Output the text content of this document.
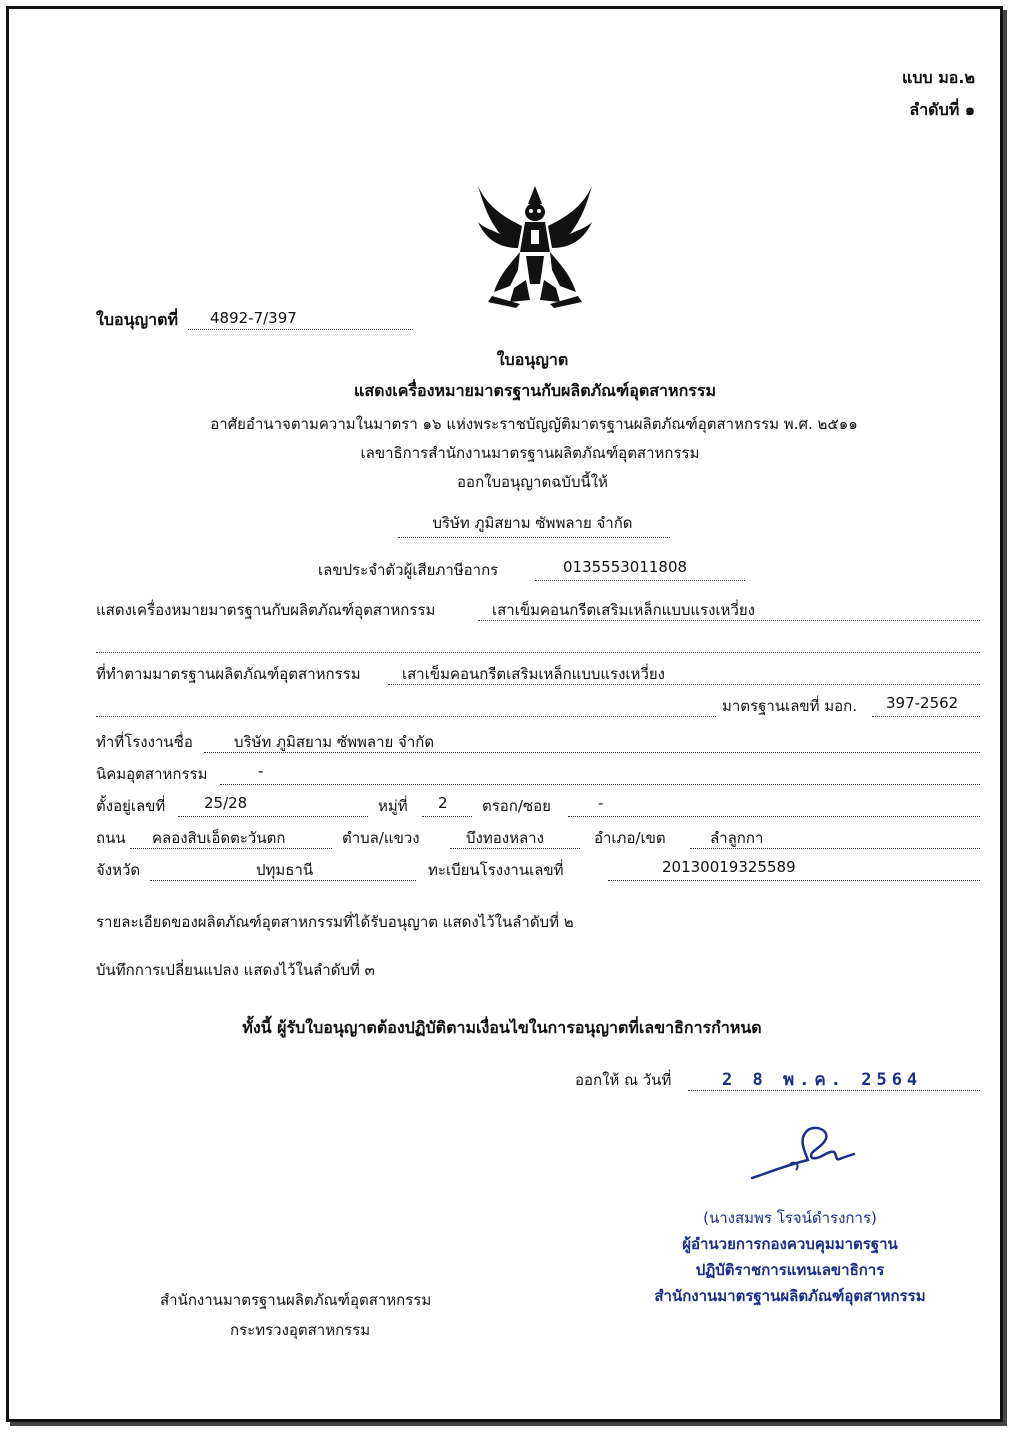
แบบ มอ.๒
ลำดับที่ ๑
ใบอนุญาตที่ 4892-7/397
ใบอนุญาต
แสดงเครื่องหมายมาตรฐานกับผลิตภัณฑ์อุตสาหกรรม
อาศัยอำนาจตามความในมาตรา ๑๖ แห่งพระราชบัญญัติมาตรฐานผลิตภัณฑ์อุตสาหกรรม พ.ศ. ๒๕๑๑
เลขาธิการสำนักงานมาตรฐานผลิตภัณฑ์อุตสาหกรรม
ออกใบอนุญาตฉบับนี้ให้
บริษัท ภูมิสยาม ซัพพลาย จำกัด
เลขประจำตัวผู้เสียภาษีอากร	0135553011808
แสดงเครื่องหมายมาตรฐานกับผลิตภัณฑ์อุตสาหกรรม	เสาเข็มคอนกรีตเสริมเหล็กแบบแรงเหวี่ยง
ที่ทำตามมาตรฐานผลิตภัณฑ์อุตสาหกรรม	เสาเข็มคอนกรีตเสริมเหล็กแบบแรงเหวี่ยง
มาตรฐานเลขที่ มอก. 397-2562
ทำที่โรงงานชื่อ	บริษัท ภูมิสยาม ซัพพลาย จำกัด
นิคมอุตสาหกรรม	-
ตั้งอยู่เลขที่	25/28	หมู่ที่ 2 ตรอก/ซอย	-
ถนน คลองสิบเอ็ดตะวันตก	ตำบล/แขวง	บึงทองหลาง	อำเภอ/เขต	ลำลูกกา
จังหวัด	ปทุมธานี	ทะเบียนโรงงานเลขที่	20130019325589
รายละเอียดของผลิตภัณฑ์อุตสาหกรรมที่ได้รับอนุญาต แสดงไว้ในลำดับที่ ๒
บันทึกการเปลี่ยนแปลง แสดงไว้ในลำดับที่ ๓
ทั้งนี้ ผู้รับใบอนุญาตต้องปฏิบัติตามเงื่อนไขในการอนุญาตที่เลขาธิการกำหนด
ออกให้ ณ วันที่	2 8 พ.ค. 2564
(นางสมพร โรจน์ดำรงการ)
ผู้อำนวยการกองควบคุมมาตรฐาน
ปฏิบัติราชการแทนเลขาธิการ
สำนักงานมาตรฐานผลิตภัณฑ์อุตสาหกรรม
สำนักงานมาตรฐานผลิตภัณฑ์อุตสาหกรรม
กระทรวงอุตสาหกรรม
